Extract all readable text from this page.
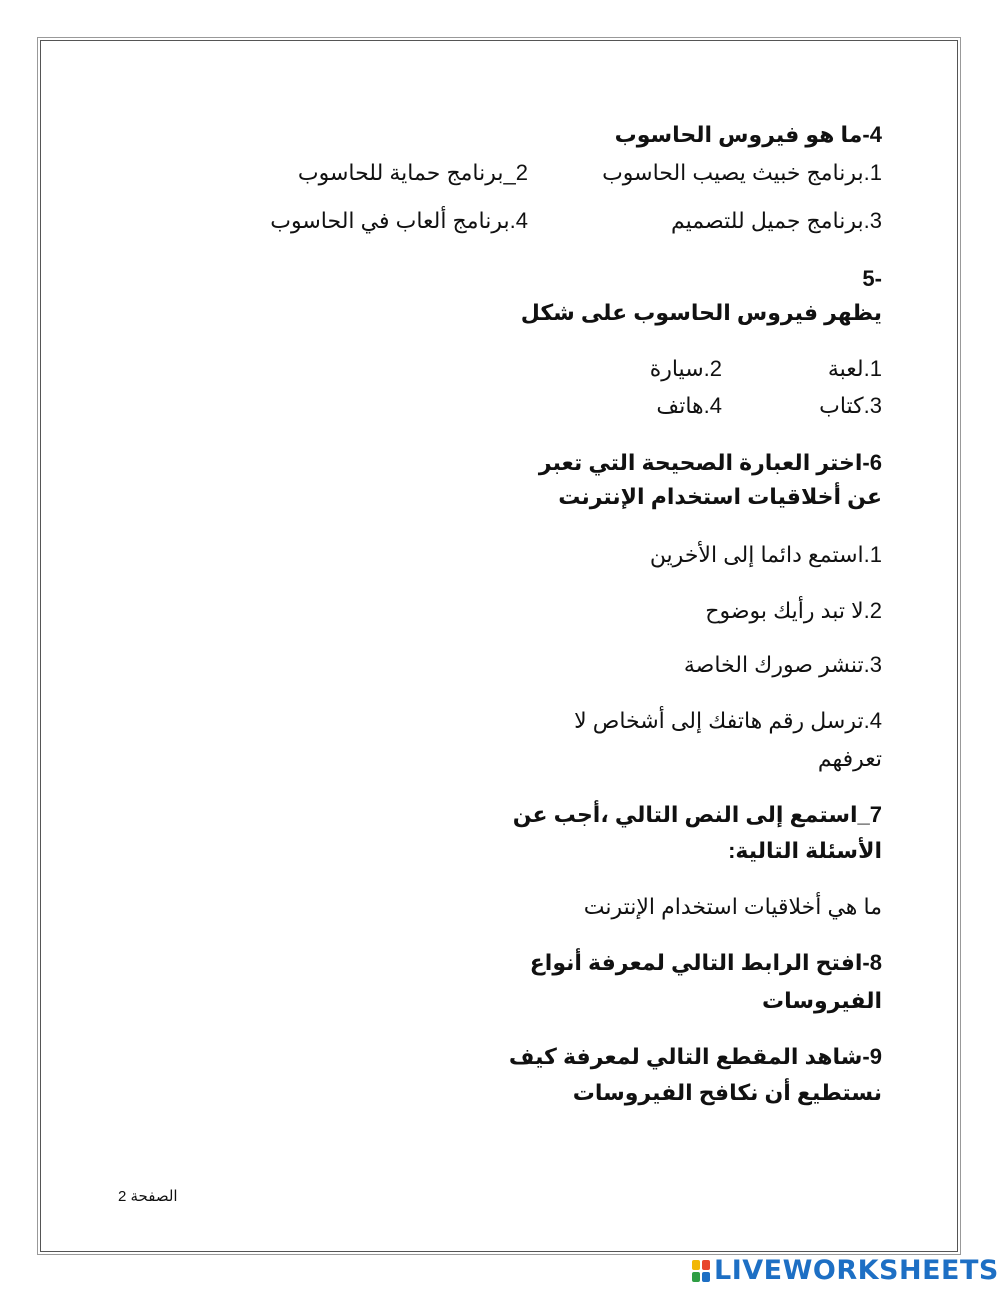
4-ما هو فيروس الحاسوب
1.برنامج خبيث يصيب الحاسوب
2_برنامج حماية للحاسوب
3.برنامج جميل للتصميم
4.برنامج ألعاب في الحاسوب
-5
يظهر فيروس الحاسوب على شكل
1.لعبة
2.سيارة
3.كتاب
4.هاتف
6-اختر العبارة الصحيحة التي تعبر
عن أخلاقيات استخدام الإنترنت
1.استمع دائما إلى الأخرين
2.لا تبد رأيك بوضوح
3.تنشر صورك الخاصة
4.ترسل رقم هاتفك إلى أشخاص لا
تعرفهم
7_استمع إلى النص التالي ،أجب عن
الأسئلة التالية:
ما هي أخلاقيات استخدام الإنترنت
8-افتح الرابط التالي لمعرفة أنواع
الفيروسات
9-شاهد المقطع التالي لمعرفة كيف
نستطيع أن نكافح الفيروسات
الصفحة 2
LIVEWORKSHEETS
